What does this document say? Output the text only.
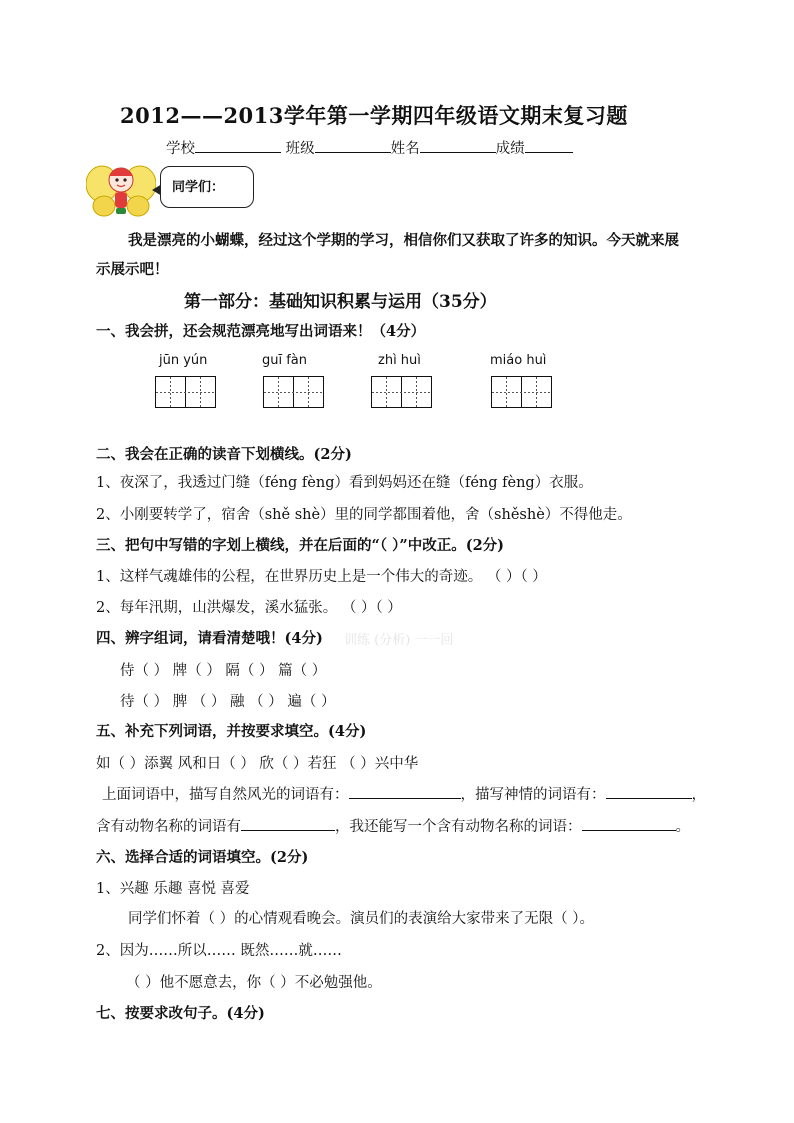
2012——2013学年第一学期四年级语文期末复习题
学校	班级	姓名	成绩
同学们：
我是漂亮的小蝴蝶，经过这个学期的学习，相信你们又获取了许多的知识。今天就来展
示展示吧！
第一部分：基础知识积累与运用（35分）
一、我会拼，还会规范漂亮地写出词语来！（4分）
jūn yún	guī fàn	zhì huì	miáo huì
二、我会在正确的读音下划横线。(2分)
1、夜深了，我透过门缝（féng fèng）看到妈妈还在缝（féng fèng）衣服。
2、小刚要转学了，宿舍（shě shè）里的同学都围着他，舍（shěshè）不得他走。
三、把句中写错的字划上横线，并在后面的“（ ）”中改正。(2分)
1、这样气魂雄伟的公程，在世界历史上是一个伟大的奇迹。 （ ）（ ）
2、每年汛期，山洪爆发，溪水猛张。 （ ）（ ）
四、辨字组词，请看清楚哦！(4分) 训练 (分析) 一一回
侍（ ） 牌（ ） 隔（ ） 篇（ ）
待（ ） 脾 （ ） 融 （ ） 遍（ ）
五、补充下列词语，并按要求填空。(4分)
如（ ）添翼 风和日（ ） 欣（ ）若狂 （ ）兴中华
上面词语中，描写自然风光的词语有：	，描写神情的词语有：	，
含有动物名称的词语有	，我还能写一个含有动物名称的词语：	。
六、选择合适的词语填空。(2分)
1、兴趣 乐趣 喜悦 喜爱
同学们怀着（ ）的心情观看晚会。演员们的表演给大家带来了无限（ ）。
2、因为……所以…… 既然……就……
（ ）他不愿意去，你（ ）不必勉强他。
七、按要求改句子。(4分)
